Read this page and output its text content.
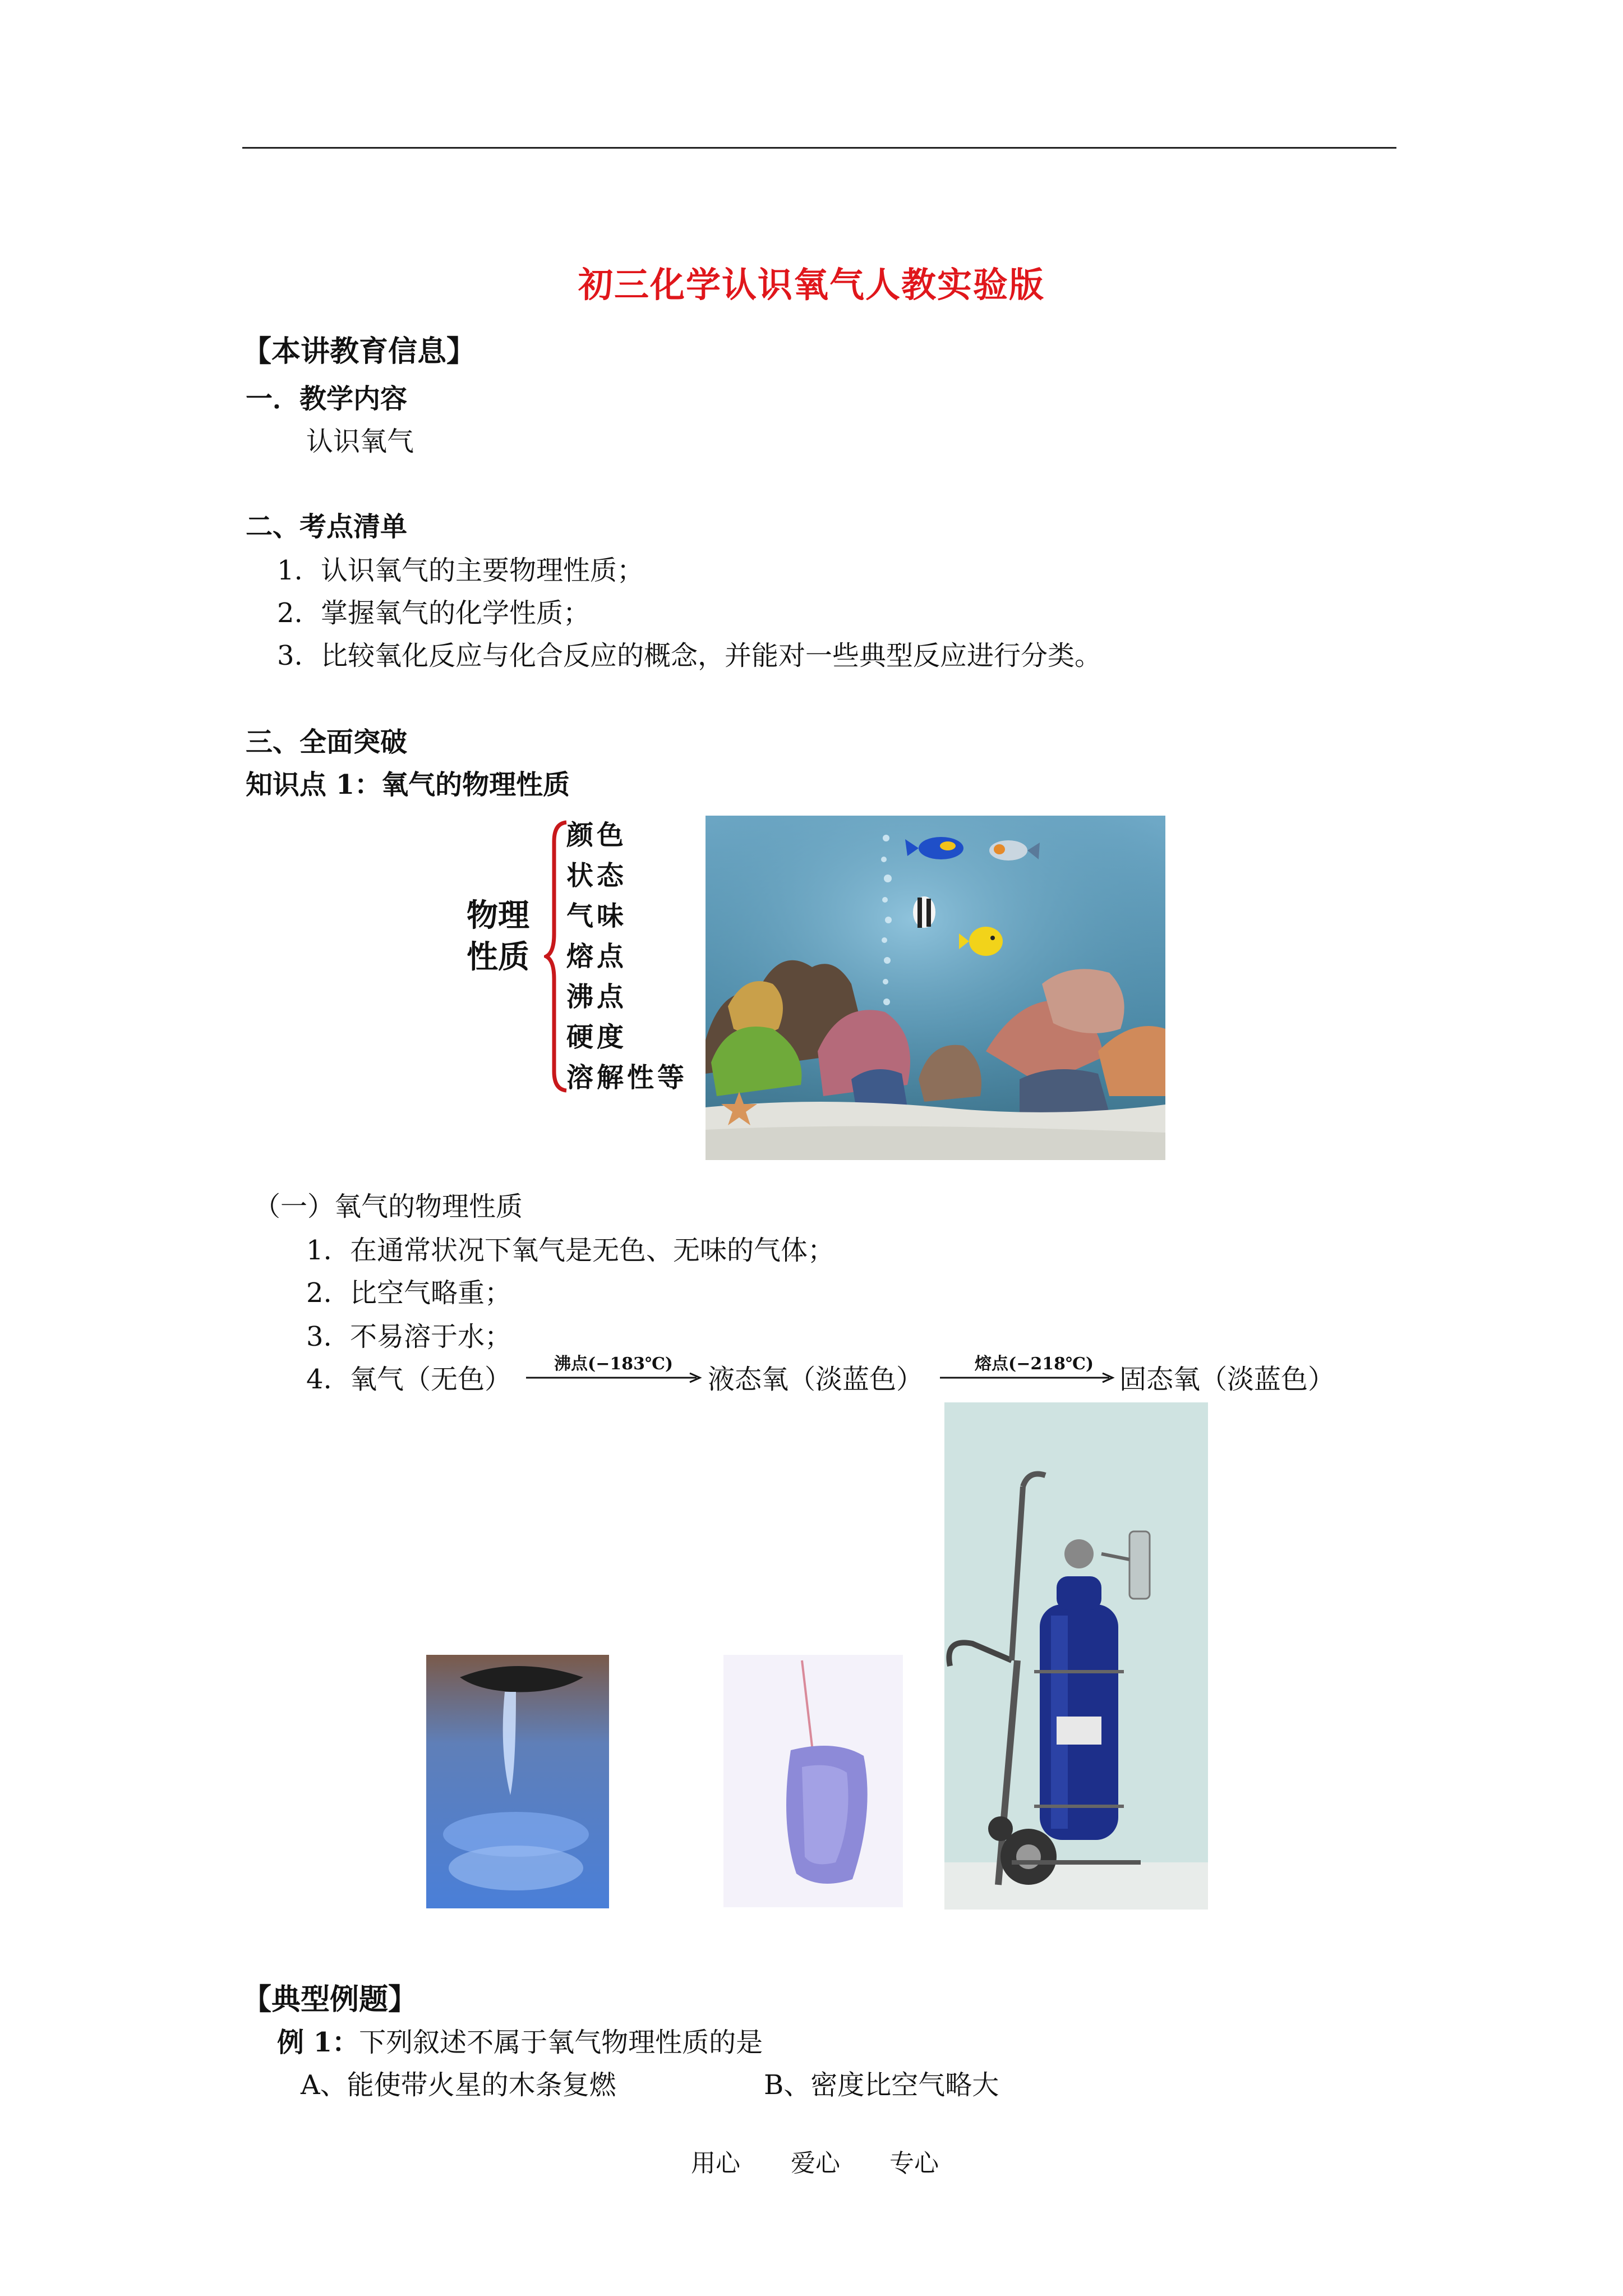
初三化学认识氧气人教实验版
【本讲教育信息】
一．教学内容
认识氧气
二、考点清单
1. 认识氧气的主要物理性质；
2. 掌握氧气的化学性质；
3. 比较氧化反应与化合反应的概念，并能对一些典型反应进行分类。
三、全面突破
知识点 1：氧气的物理性质
物理
性质
颜色
状态
气味
熔点
沸点
硬度
溶解性等
（一）氧气的物理性质
1. 在通常状况下氧气是无色、无味的气体；
2. 比空气略重；
3. 不易溶于水；
4. 氧气（无色）	沸点(−183℃) 液态氧（淡蓝色）	熔点(−218℃) 固态氧（淡蓝色）
【典型例题】
例 1：下列叙述不属于氧气物理性质的是
A、能使带火星的木条复燃	B、密度比空气略大
用心 爱心 专心
